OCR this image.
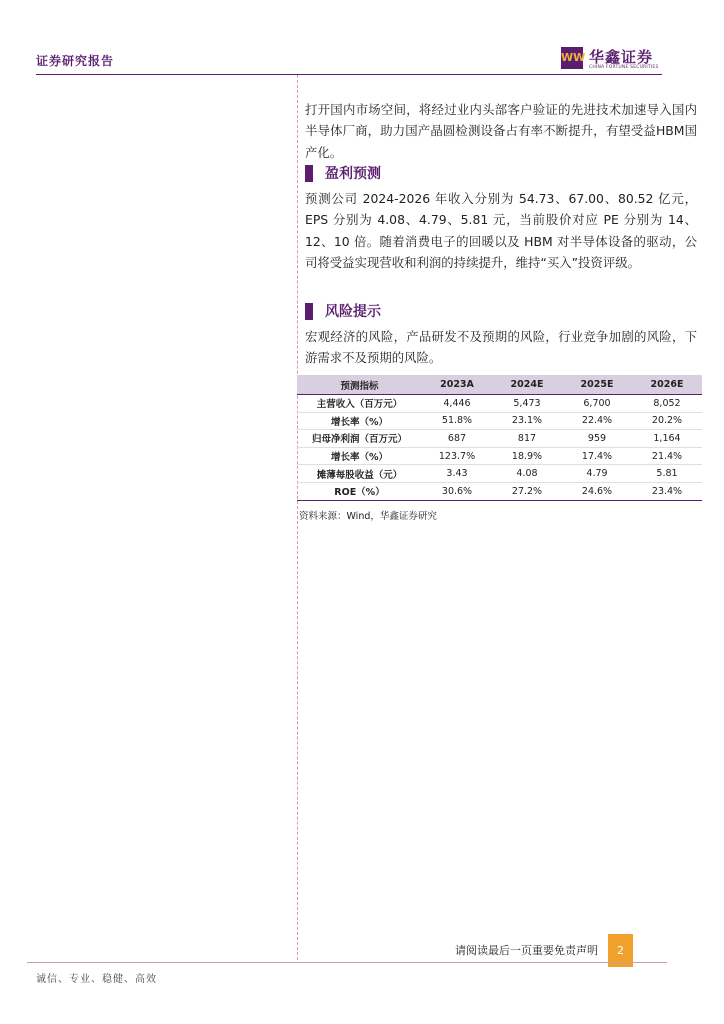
证券研究报告	WW 华鑫证券
CHINA FORTUNE SECURITIES

打开国内市场空间，将经过业内头部客户验证的先进技术加速导入国内半导体厂商，助力国产晶圆检测设备占有率不断提升，有望受益HBM国产化。

盈利预测

预测公司 2024-2026 年收入分别为 54.73、67.00、80.52 亿元，EPS 分别为 4.08、4.79、5.81 元，当前股价对应 PE 分别为 14、12、10 倍。随着消费电子的回暖以及 HBM 对半导体设备的驱动，公司将受益实现营收和利润的持续提升，维持“买入”投资评级。

风险提示

宏观经济的风险，产品研发不及预期的风险，行业竞争加剧的风险，下游需求不及预期的风险。

预测指标	2023A	2024E	2025E	2026E
主营收入（百万元）	4,446	5,473	6,700	8,052
增长率（%）	51.8%	23.1%	22.4%	20.2%
归母净利润（百万元）	687	817	959	1,164
增长率（%）	123.7%	18.9%	17.4%	21.4%
摊薄每股收益（元）	3.43	4.08	4.79	5.81
ROE（%）	30.6%	27.2%	24.6%	23.4%
资料来源：Wind，华鑫证券研究
请阅读最后一页重要免责声明	2
诚信、专业、稳健、高效
